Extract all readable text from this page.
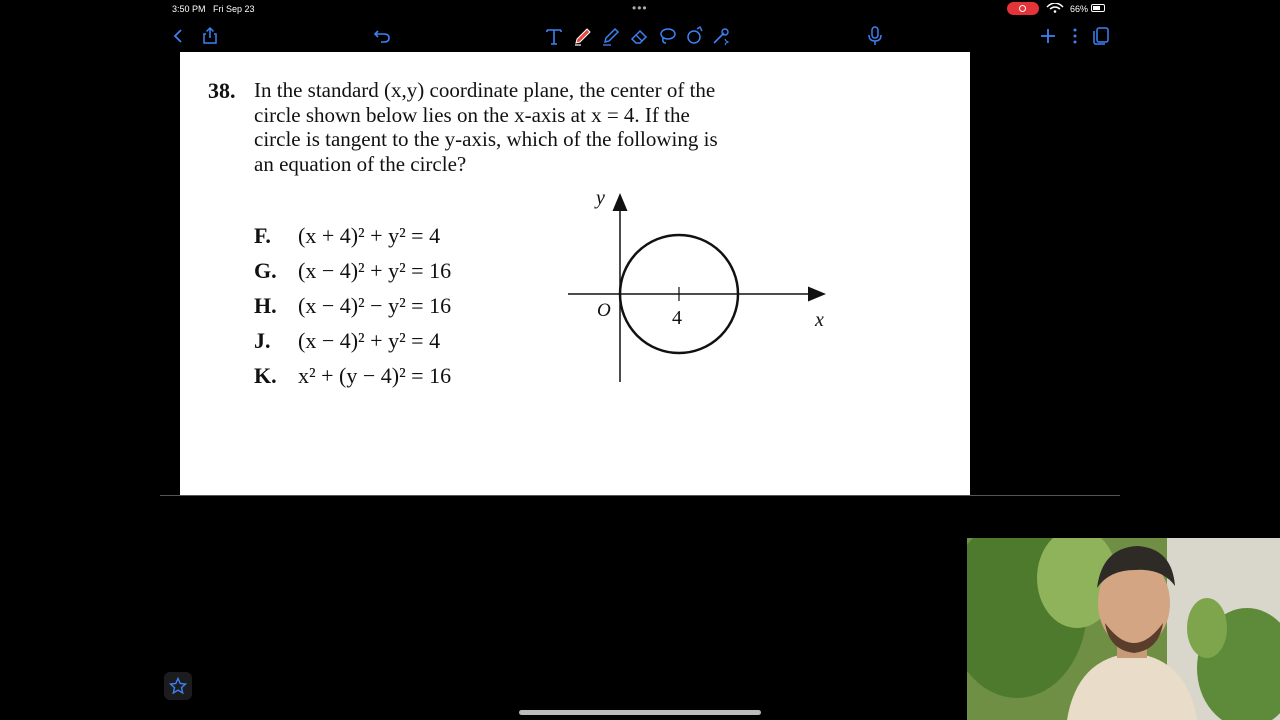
3:50 PM Fri Sep 23	•••	66%
38. In the standard (x,y) coordinate plane, the center of the
circle shown below lies on the x-axis at x = 4. If the
circle is tangent to the y-axis, which of the following is
an equation of the circle?
F. (x + 4)² + y² = 4
G. (x − 4)² + y² = 16
H. (x − 4)² − y² = 16
J. (x − 4)² + y² = 4
K. x² + (y − 4)² = 16
y
x
O	4
